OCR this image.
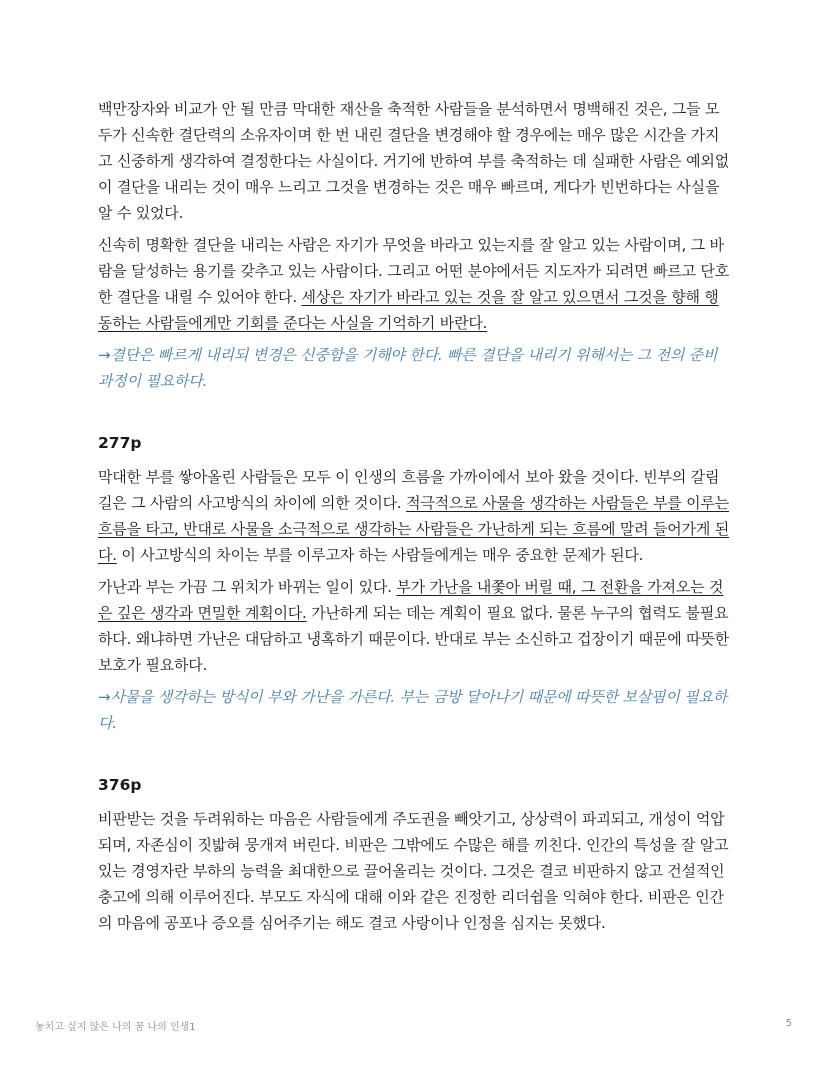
백만장자와 비교가 안 될 만큼 막대한 재산을 축적한 사람들을 분석하면서 명백해진 것은, 그들 모두가 신속한 결단력의 소유자이며 한 번 내린 결단을 변경해야 할 경우에는 매우 많은 시간을 가지고 신중하게 생각하여 결정한다는 사실이다. 거기에 반하여 부를 축적하는 데 실패한 사람은 예외없이 결단을 내리는 것이 매우 느리고 그것을 변경하는 것은 매우 빠르며, 게다가 빈번하다는 사실을 알 수 있었다.

신속히 명확한 결단을 내리는 사람은 자기가 무엇을 바라고 있는지를 잘 알고 있는 사람이며, 그 바람을 달성하는 용기를 갖추고 있는 사람이다. 그리고 어떤 분야에서든 지도자가 되려면 빠르고 단호한 결단을 내릴 수 있어야 한다. 세상은 자기가 바라고 있는 것을 잘 알고 있으면서 그것을 향해 행동하는 사람들에게만 기회를 준다는 사실을 기억하기 바란다.

→결단은 빠르게 내리되 변경은 신중함을 기해야 한다. 빠른 결단을 내리기 위해서는 그 전의 준비과정이 필요하다.

277p

막대한 부를 쌓아올린 사람들은 모두 이 인생의 흐름을 가까이에서 보아 왔을 것이다. 빈부의 갈림길은 그 사람의 사고방식의 차이에 의한 것이다. 적극적으로 사물을 생각하는 사람들은 부를 이루는 흐름을 타고, 반대로 사물을 소극적으로 생각하는 사람들은 가난하게 되는 흐름에 말려 들어가게 된다. 이 사고방식의 차이는 부를 이루고자 하는 사람들에게는 매우 중요한 문제가 된다.

가난과 부는 가끔 그 위치가 바뀌는 일이 있다. 부가 가난을 내쫓아 버릴 때, 그 전환을 가져오는 것은 깊은 생각과 면밀한 계획이다. 가난하게 되는 데는 계획이 필요 없다. 물론 누구의 협력도 불필요하다. 왜냐하면 가난은 대담하고 냉혹하기 때문이다. 반대로 부는 소신하고 겁장이기 때문에 따뜻한 보호가 필요하다.

→사물을 생각하는 방식이 부와 가난을 가른다. 부는 금방 달아나기 때문에 따뜻한 보살핌이 필요하다.

376p

비판받는 것을 두려워하는 마음은 사람들에게 주도권을 빼앗기고, 상상력이 파괴되고, 개성이 억압되며, 자존심이 짓밟혀 뭉개져 버린다. 비판은 그밖에도 수많은 해를 끼친다. 인간의 특성을 잘 알고 있는 경영자란 부하의 능력을 최대한으로 끌어올리는 것이다. 그것은 결코 비판하지 않고 건설적인 충고에 의해 이루어진다. 부모도 자식에 대해 이와 같은 진정한 리더쉽을 익혀야 한다. 비판은 인간의 마음에 공포나 증오를 심어주기는 해도 결코 사랑이나 인정을 심지는 못했다.

놓치고 싶지 않은 나의 꿈 나의 인생1	5
